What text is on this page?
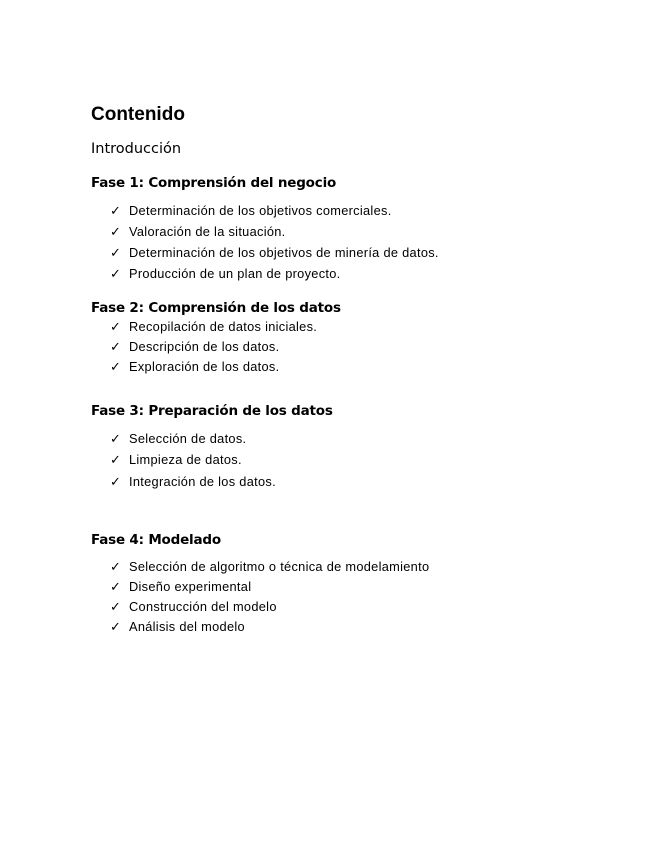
Contenido

Introducción

Fase 1: Comprensión del negocio
✓ Determinación de los objetivos comerciales.
✓ Valoración de la situación.
✓ Determinación de los objetivos de minería de datos.
✓ Producción de un plan de proyecto.
Fase 2: Comprensión de los datos
✓ Recopilación de datos iniciales.
✓ Descripción de los datos.
✓ Exploración de los datos.
Fase 3: Preparación de los datos
✓ Selección de datos.
✓ Limpieza de datos.
✓ Integración de los datos.
Fase 4: Modelado
✓ Selección de algoritmo o técnica de modelamiento
✓ Diseño experimental
✓ Construcción del modelo
✓ Análisis del modelo
